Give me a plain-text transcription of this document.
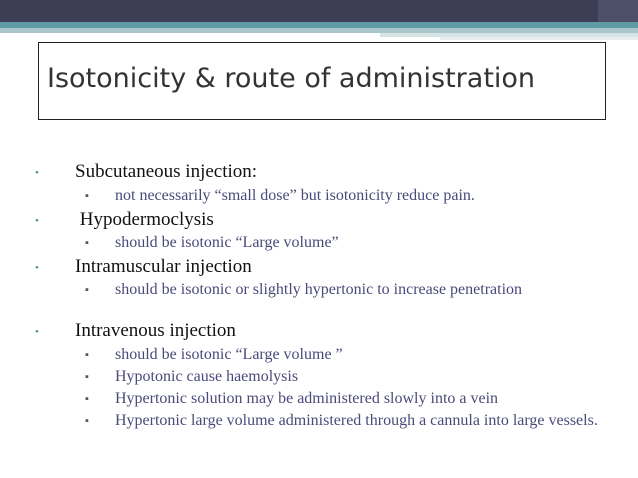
Isotonicity & route of administration
• Subcutaneous injection:
▪ not necessarily “small dose” but isotonicity reduce pain.
• Hypodermoclysis
▪ should be isotonic “Large volume”
• Intramuscular injection
▪ should be isotonic or slightly hypertonic to increase penetration
• Intravenous injection
▪ should be isotonic “Large volume ”
▪ Hypotonic cause haemolysis
▪ Hypertonic solution may be administered slowly into a vein
▪ Hypertonic large volume administered through a cannula into large vessels.
